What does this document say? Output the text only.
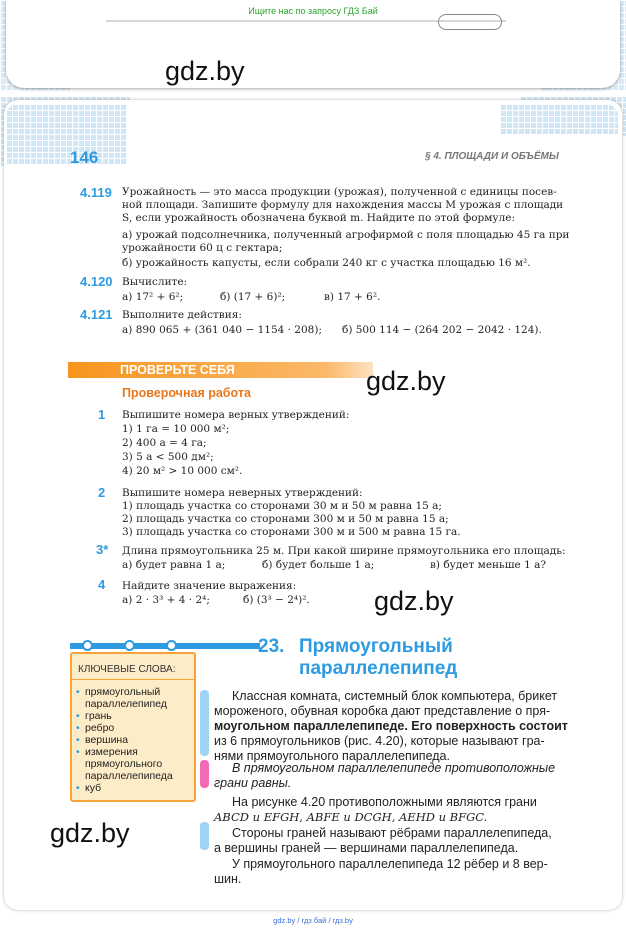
Ищите нас по запросу ГДЗ Бай
gdz.by
146	§ 4. ПЛОЩАДИ И ОБЪЁМЫ
4.119 Урожайность — это масса продукции (урожая), полученной с единицы посев-
ной площади. Запишите формулу для нахождения массы M урожая с площади
S, если урожайность обозначена буквой m. Найдите по этой формуле:
а) урожай подсолнечника, полученный агрофирмой с поля площадью 45 га при
урожайности 60 ц с гектара;
б) урожайность капусты, если собрали 240 кг с участка площадью 16 м².
4.120 Вычислите:
а) 17² + 6²;	б) (17 + 6)²;	в) 17 + 6².
4.121 Выполните действия:
а) 890 065 + (361 040 − 1154 · 208); б) 500 114 − (264 202 − 2042 · 124).
ПРОВЕРЬТЕ СЕБЯ
Проверочная работа	gdz.by
1 Выпишите номера верных утверждений:
1) 1 га = 10 000 м²;
2) 400 а = 4 га;
3) 5 а < 500 дм²;
4) 20 м² > 10 000 см².
2 Выпишите номера неверных утверждений:
1) площадь участка со сторонами 30 м и 50 м равна 15 а;
2) площадь участка со сторонами 300 м и 50 м равна 15 а;
3) площадь участка со сторонами 300 м и 500 м равна 15 га.
3* Длина прямоугольника 25 м. При какой ширине прямоугольника его площадь:
а) будет равна 1 а;	б) будет больше 1 а;	в) будет меньше 1 а?
4 Найдите значение выражения:
а) 2 · 3³ + 4 · 2⁴;	б) (3³ − 2⁴)². gdz.by
23. Прямоугольный
параллелепипед
КЛЮЧЕВЫЕ СЛОВА:
• прямоугольный параллелепипед
• грань
• ребро
• вершина
• измерения прямоугольного параллелепипеда
• куб
Классная комната, системный блок компьютера, брикет
мороженого, обувная коробка дают представление о пря-
моугольном параллелепипеде. Его поверхность состоит
из 6 прямоугольников (рис. 4.20), которые называют гра-
нями прямоугольного параллелепипеда.
В прямоугольном параллелепипеде противоположные
грани равны.
На рисунке 4.20 противоположными являются грани
ABCD и EFGH, ABFE и DCGH, AEHD и BFGC.
Стороны граней называют рёбрами параллелепипеда,
а вершины граней — вершинами параллелепипеда.
У прямоугольного параллелепипеда 12 рёбер и 8 вер-
шин.
gdz.by
gdz.by / гдз бай / гдз.by
